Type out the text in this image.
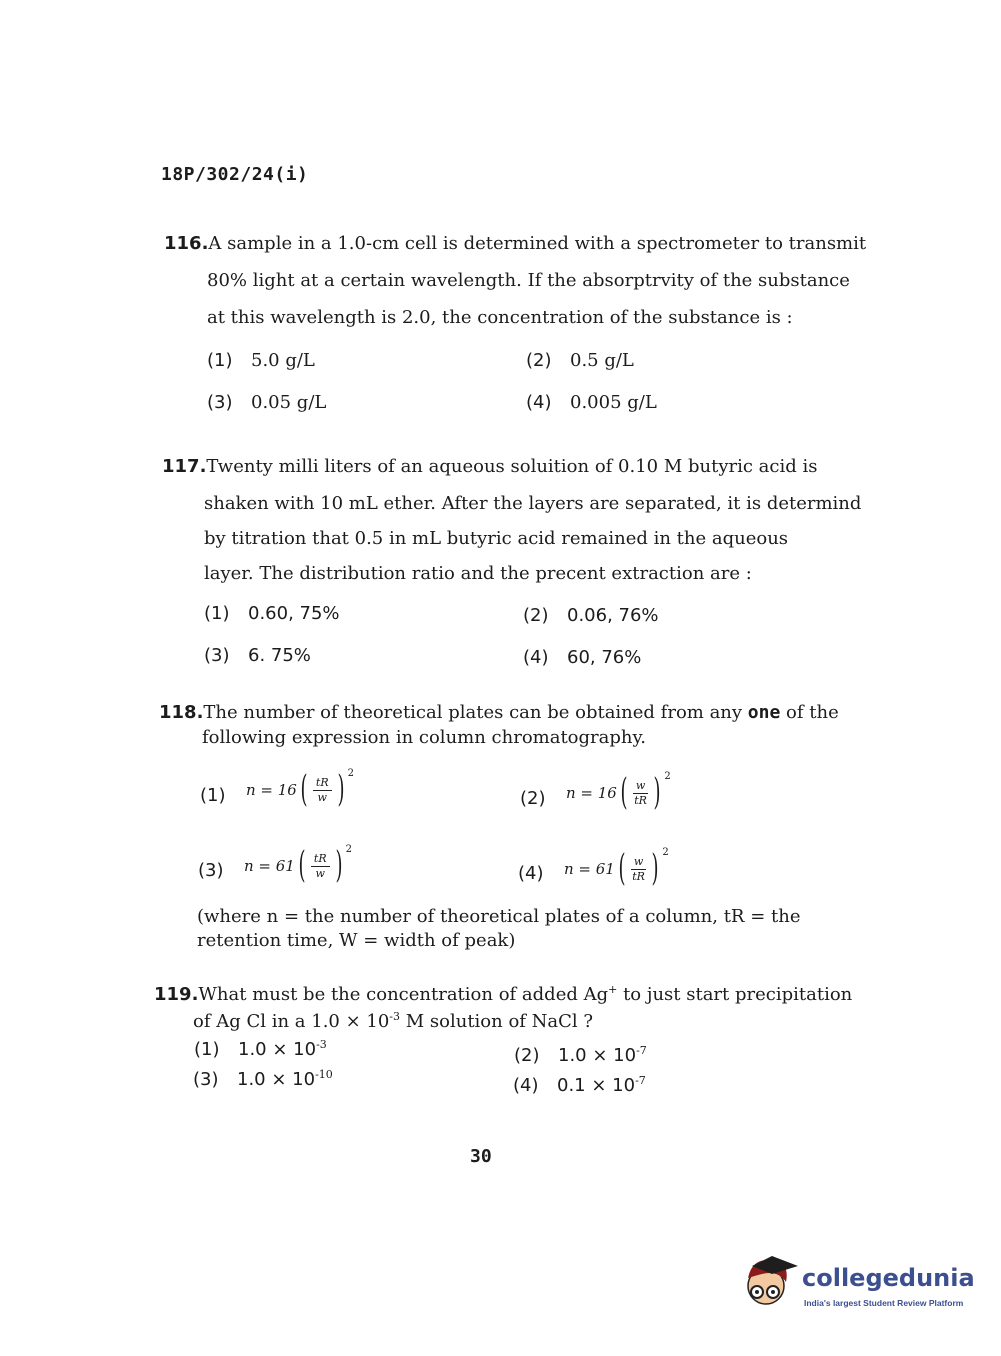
18P/302/24(i)
116.A sample in a 1.0-cm cell is determined with a spectrometer to transmit
80% light at a certain wavelength. If the absorptrvity of the substance
at this wavelength is 2.0, the concentration of the substance is :
(1) 5.0 g/L	(2) 0.5 g/L
(3) 0.05 g/L	(4) 0.005 g/L
117.Twenty milli liters of an aqueous soluition of 0.10 M butyric acid is
shaken with 10 mL ether. After the layers are separated, it is determind
by titration that 0.5 in mL butyric acid remained in the aqueous
layer. The distribution ratio and the precent extraction are :
(1) 0.60, 75%	(2) 0.06, 76%
(3) 6. 75%	(4) 60, 76%
118.The number of theoretical plates can be obtained from any one of the
following expression in column chromatography.
(1)	n = 16 ( $\frac{tR}{w}$ ) 2
(2)	n = 16 ( $\frac{w}{tR}$ ) 2
(3)	n = 61 ( $\frac{tR}{w}$ ) 2
(4)	n = 61 ( $\frac{w}{tR}$ ) 2
(where n = the number of theoretical plates of a column, tR = the
retention time, W = width of peak)
119.What must be the concentration of added Ag+ to just start precipitation
of Ag Cl in a $1.0 \times 10^{-3}$ M solution of NaCl ?
(1) $1.0 \times 10^{-3}$
(2) $1.0 \times 10^{-7}$
(3) $1.0 \times 10^{-10}$
(4) $0.1 \times 10^{-7}$
30
collegedunia
India's largest Student Review Platform
